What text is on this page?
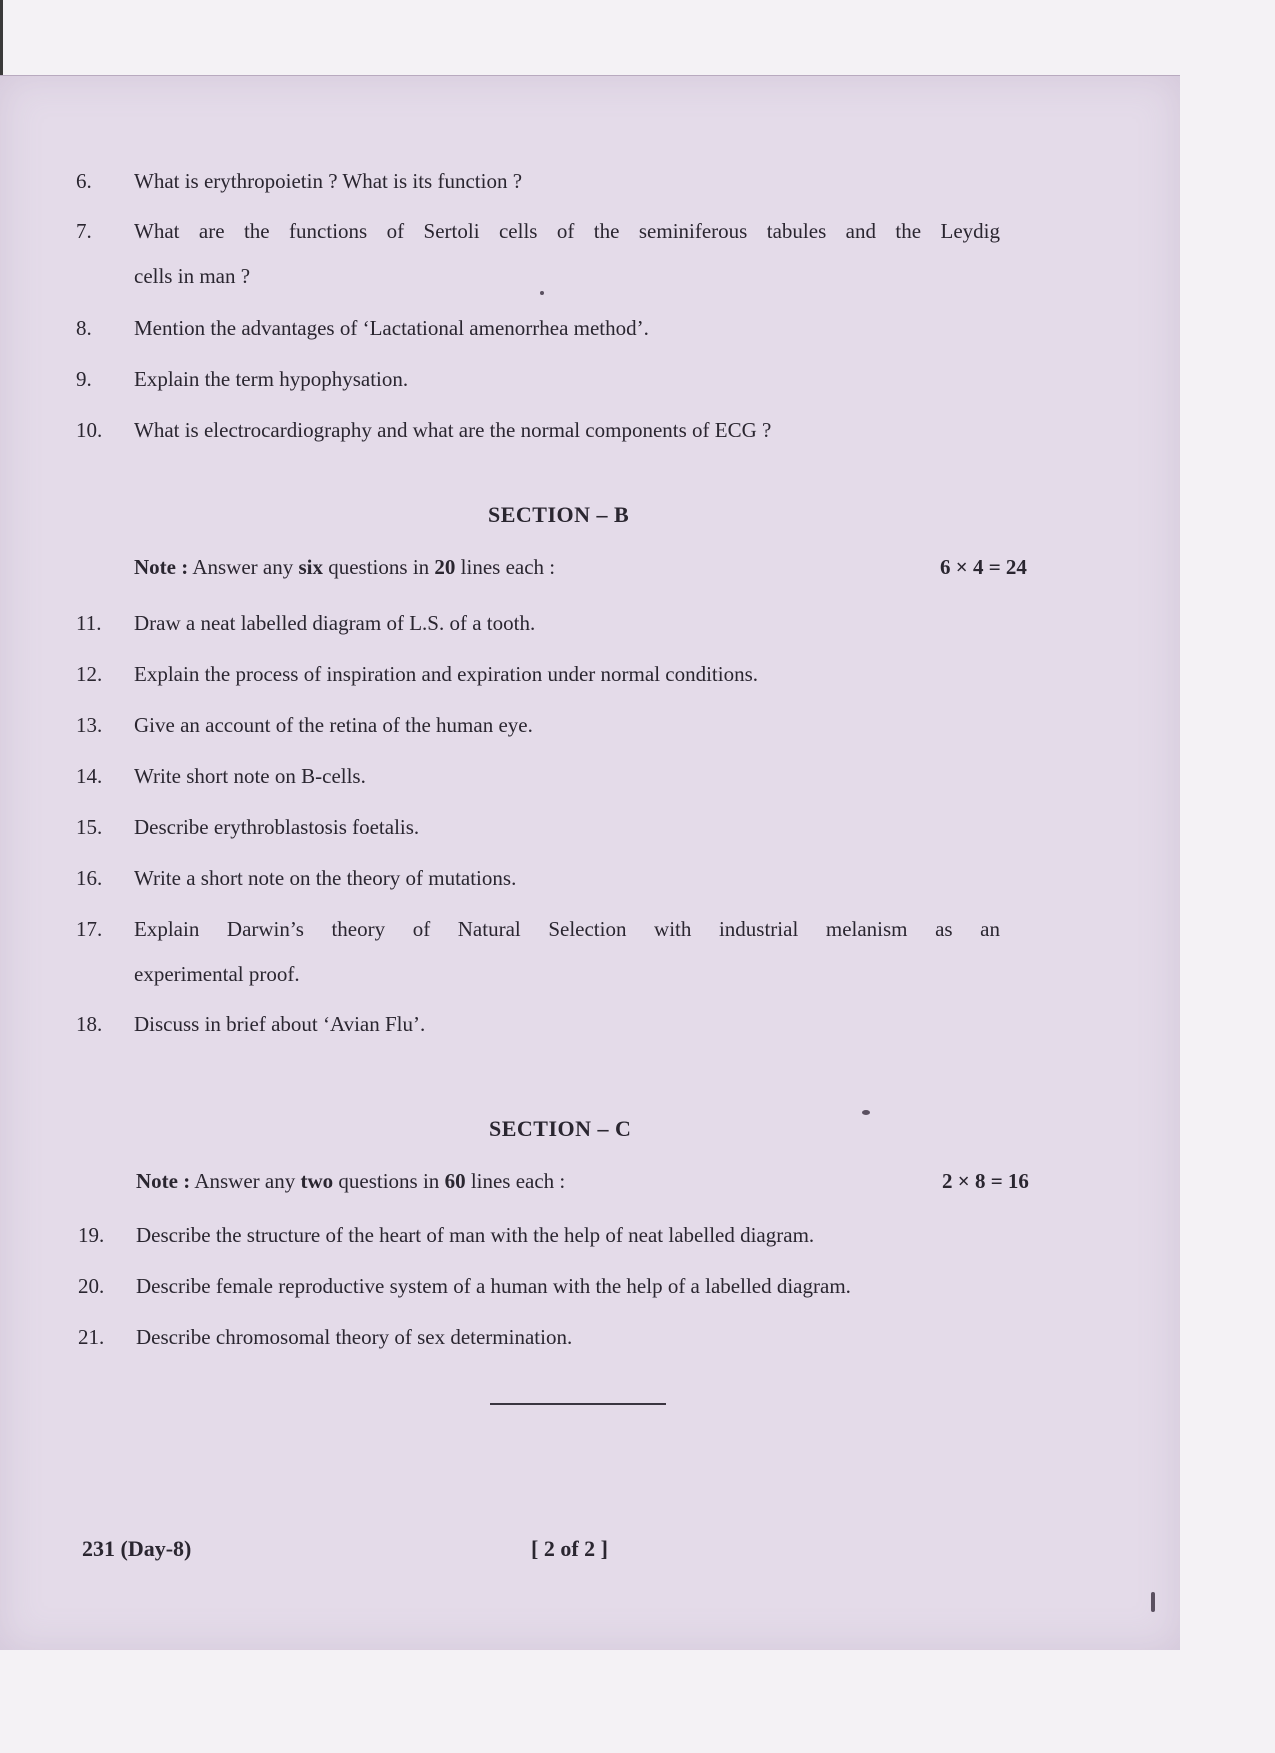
6. What is erythropoietin ? What is its function ?
7. What are the functions of Sertoli cells of the seminiferous tabules and the Leydig
cells in man ?
8. Mention the advantages of ‘Lactational amenorrhea method’.
9. Explain the term hypophysation.
10. What is electrocardiography and what are the normal components of ECG ?
SECTION – B
Note : Answer any six questions in 20 lines each :	6 × 4 = 24
11. Draw a neat labelled diagram of L.S. of a tooth.
12. Explain the process of inspiration and expiration under normal conditions.
13. Give an account of the retina of the human eye.
14. Write short note on B-cells.
15. Describe erythroblastosis foetalis.
16. Write a short note on the theory of mutations.
17. Explain Darwin’s theory of Natural Selection with industrial melanism as an
experimental proof.
18. Discuss in brief about ‘Avian Flu’.
SECTION – C
Note : Answer any two questions in 60 lines each :	2 × 8 = 16
19. Describe the structure of the heart of man with the help of neat labelled diagram.
20. Describe female reproductive system of a human with the help of a labelled diagram.
21. Describe chromosomal theory of sex determination.
231 (Day-8)	[ 2 of 2 ]
